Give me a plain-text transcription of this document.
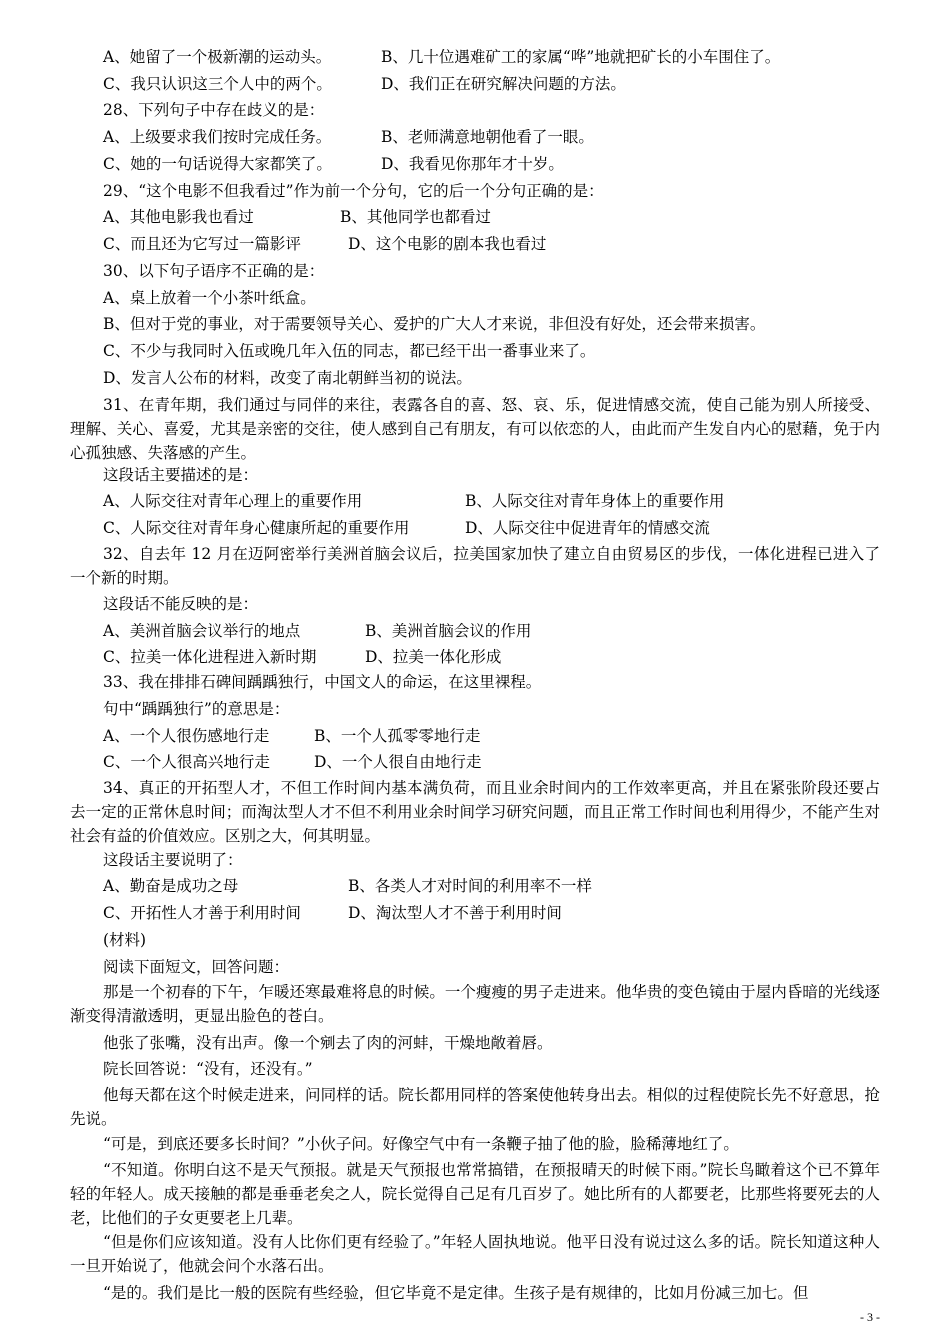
A、她留了一个极新潮的运动头。	B、几十位遇难矿工的家属“哗”地就把矿长的小车围住了。
C、我只认识这三个人中的两个。	D、我们正在研究解决问题的方法。
28、下列句子中存在歧义的是：
A、上级要求我们按时完成任务。	B、老师满意地朝他看了一眼。
C、她的一句话说得大家都笑了。	D、我看见你那年才十岁。
29、“这个电影不但我看过”作为前一个分句，它的后一个分句正确的是：
A、其他电影我也看过	B、其他同学也都看过
C、而且还为它写过一篇影评	D、这个电影的剧本我也看过
30、以下句子语序不正确的是：
A、桌上放着一个小茶叶纸盒。
B、但对于党的事业，对于需要领导关心、爱护的广大人才来说，非但没有好处，还会带来损害。
C、不少与我同时入伍或晚几年入伍的同志，都已经干出一番事业来了。
D、发言人公布的材料，改变了南北朝鲜当初的说法。
31、在青年期，我们通过与同伴的来往，表露各自的喜、怒、哀、乐，促进情感交流，使自己能为别人所接受、理解、关心、喜爱，尤其是亲密的交往，使人感到自己有朋友，有可以依恋的人，由此而产生发自内心的慰藉，免于内心孤独感、失落感的产生。
这段话主要描述的是：
A、人际交往对青年心理上的重要作用	B、人际交往对青年身体上的重要作用
C、人际交往对青年身心健康所起的重要作用	D、人际交往中促进青年的情感交流
32、自去年 12 月在迈阿密举行美洲首脑会议后，拉美国家加快了建立自由贸易区的步伐，一体化进程已进入了一个新的时期。
这段话不能反映的是：
A、美洲首脑会议举行的地点	B、美洲首脑会议的作用
C、拉美一体化进程进入新时期	D、拉美一体化形成
33、我在排排石碑间踽踽独行，中国文人的命运，在这里裸程。
句中“踽踽独行”的意思是：
A、一个人很伤感地行走	B、一个人孤零零地行走
C、一个人很高兴地行走	D、一个人很自由地行走
34、真正的开拓型人才，不但工作时间内基本满负荷，而且业余时间内的工作效率更高，并且在紧张阶段还要占去一定的正常休息时间；而淘汰型人才不但不利用业余时间学习研究问题，而且正常工作时间也利用得少，不能产生对社会有益的价值效应。区别之大，何其明显。
这段话主要说明了：
A、勤奋是成功之母	B、各类人才对时间的利用率不一样
C、开拓性人才善于利用时间	D、淘汰型人才不善于利用时间
(材料)
阅读下面短文，回答问题：
那是一个初春的下午，乍暖还寒最难将息的时候。一个瘦瘦的男子走进来。他华贵的变色镜由于屋内昏暗的光线逐渐变得清澈透明，更显出脸色的苍白。
他张了张嘴，没有出声。像一个剜去了肉的河蚌，干燥地敞着唇。
院长回答说：“没有，还没有。”
他每天都在这个时候走进来，问同样的话。院长都用同样的答案使他转身出去。相似的过程使院长先不好意思，抢先说。
“可是，到底还要多长时间？”小伙子问。好像空气中有一条鞭子抽了他的脸，脸稀薄地红了。
“不知道。你明白这不是天气预报。就是天气预报也常常搞错，在预报晴天的时候下雨。”院长鸟瞰着这个已不算年轻的年轻人。成天接触的都是垂垂老矣之人，院长觉得自己足有几百岁了。她比所有的人都要老，比那些将要死去的人老，比他们的子女更要老上几辈。
“但是你们应该知道。没有人比你们更有经验了。”年轻人固执地说。他平日没有说过这么多的话。院长知道这种人一旦开始说了，他就会问个水落石出。
“是的。我们是比一般的医院有些经验，但它毕竟不是定律。生孩子是有规律的，比如月份减三加七。但
- 3 -
